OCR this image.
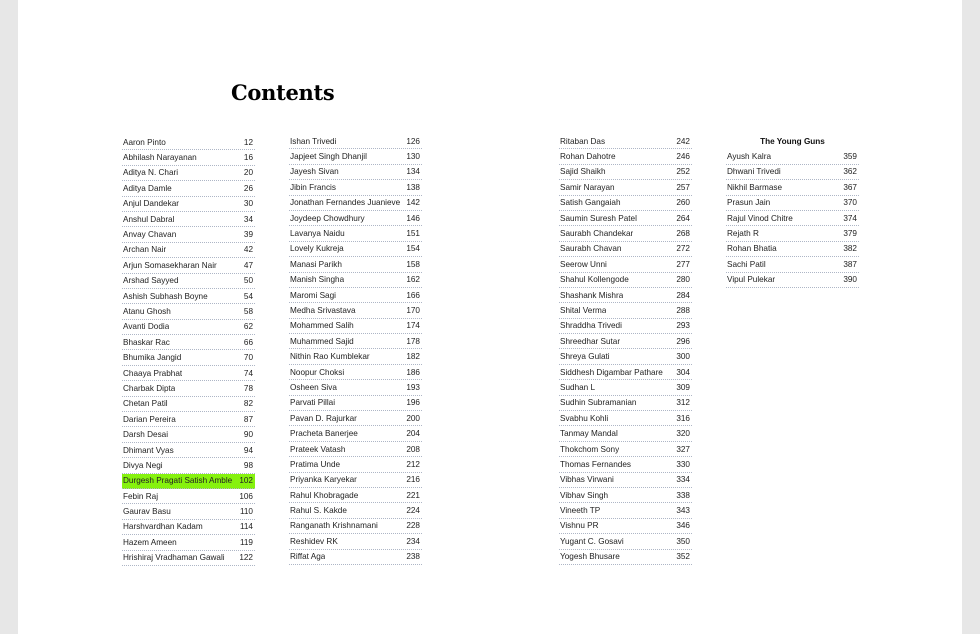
Contents
Aaron Pinto	12
Abhilash Narayanan	16
Aditya N. Chari	20
Aditya Damle	26
Anjul Dandekar	30
Anshul Dabral	34
Anvay Chavan	39
Archan Nair	42
Arjun Somasekharan Nair	47
Arshad Sayyed	50
Ashish Subhash Boyne	54
Atanu Ghosh	58
Avanti Dodia	62
Bhaskar Rac	66
Bhumika Jangid	70
Chaaya Prabhat	74
Charbak Dipta	78
Chetan Patil	82
Darian Pereira	87
Darsh Desai	90
Dhimant Vyas	94
Divya Negi	98
Durgesh Pragati Satish Amble 102
Febin Raj	106
Gaurav Basu	110
Harshvardhan Kadam	114
Hazem Ameen	119
Hrishiraj Vradhaman Gawali 122
Ishan Trivedi	126
Japjeet Singh Dhanjil	130
Jayesh Sivan	134
Jibin Francis	138
Jonathan Fernandes Juanieve 142
Joydeep Chowdhury	146
Lavanya Naidu	151
Lovely Kukreja	154
Manasi Parikh	158
Manish Singha	162
Maromi Sagi	166
Medha Srivastava	170
Mohammed Salih	174
Muhammed Sajid	178
Nithin Rao Kumblekar	182
Noopur Choksi	186
Osheen Siva	193
Parvati Pillai	196
Pavan D. Rajurkar	200
Pracheta Banerjee	204
Prateek Vatash	208
Pratima Unde	212
Priyanka Karyekar	216
Rahul Khobragade	221
Rahul S. Kakde	224
Ranganath Krishnamani	228
Reshidev RK	234
Riffat Aga	238
Ritaban Das	242
Rohan Dahotre	246
Sajid Shaikh	252
Samir Narayan	257
Satish Gangaiah	260
Saumin Suresh Patel	264
Saurabh Chandekar	268
Saurabh Chavan	272
Seerow Unni	277
Shahul Kollengode	280
Shashank Mishra	284
Shital Verma	288
Shraddha Trivedi	293
Shreedhar Sutar	296
Shreya Gulati	300
Siddhesh Digambar Pathare 304
Sudhan L	309
Sudhin Subramanian	312
Svabhu Kohli	316
Tanmay Mandal	320
Thokchom Sony	327
Thomas Fernandes	330
Vibhas Virwani	334
Vibhav Singh	338
Vineeth TP	343
Vishnu PR	346
Yugant C. Gosavi	350
Yogesh Bhusare	352
The Young Guns
Ayush Kalra	359
Dhwani Trivedi	362
Nikhil Barmase	367
Prasun Jain	370
Rajul Vinod Chitre	374
Rejath R	379
Rohan Bhatia	382
Sachi Patil	387
Vipul Pulekar	390
